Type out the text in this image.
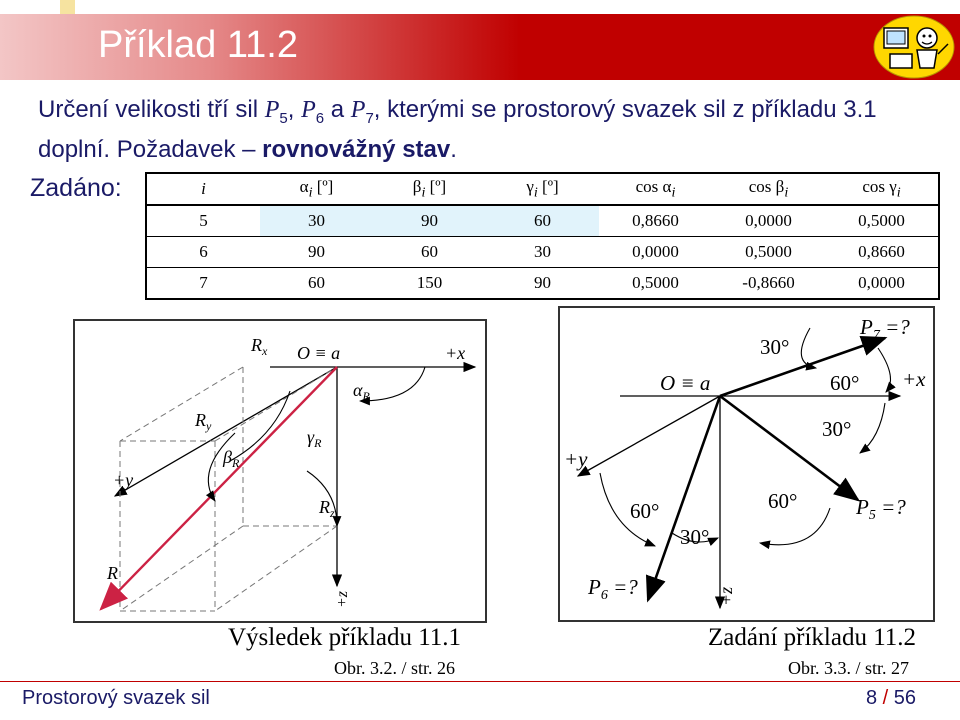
Příklad 11.2
Určení velikosti tří sil $P_5$, $P_6$ a $P_7$, kterými se prostorový svazek sil z příkladu 3.1 doplní. Požadavek – rovnovážný stav.
Zadáno:	i	$\alpha_i$ [º]	$\beta_i$ [º]	$\gamma_i$ [º]	$\cos \alpha_i$	$\cos \beta_i$	$\cos \gamma_i$
5	30	90	60	0,8660	0,0000	0,5000
6	90	60	30	0,0000	0,5000	0,8660
7	60	150	90	0,5000	-0,8660	0,0000
$R_x$ O ≡ a	+x
$\alpha_R$
$R_y$
$\gamma_R$
$\beta_R$
+y
$R_z$
R
+z
$P_7$ =?
30°
O ≡ a	60° +x
30°
+y
60°	60°
30°
$P_5$ =?
$P_6$ =?	+z
Výsledek příkladu 11.1
Obr. 3.2. / str. 26
Zadání příkladu 11.2
Obr. 3.3. / str. 27
Prostorový svazek sil	8 / 56
